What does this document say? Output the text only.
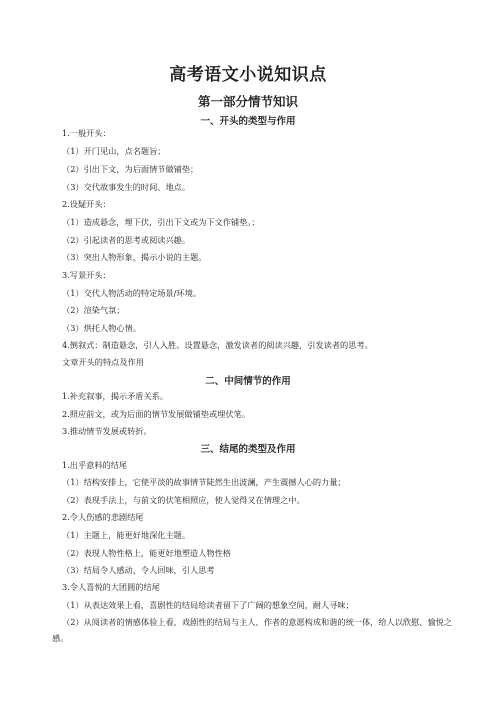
高考语文小说知识点
第一部分情节知识
一、开头的类型与作用
1.一般开头：
（1）开门见山，点名题旨；
（2）引出下文，为后面情节做铺垫；
（3）交代故事发生的时间、地点。
2.设疑开头：
（1）造成悬念，埋下伏，引出下文或为下文作铺垫。；
（2）引起读者的思考或阅读兴趣。
（3）突出人物形象，揭示小说的主题。
3.写景开头：
（1）交代人物活动的特定场景/环境。
（2）渲染气氛；
（3）烘托人物心情。
4.倒叙式：制造悬念，引人入胜。设置悬念，激发读者的阅读兴趣，引发读者的思考。
文章开头的特点及作用
二、中间情节的作用
1.补充叙事，揭示矛盾关系。
2.照应前文，或为后面的情节发展做铺垫或埋伏笔。
3.推动情节发展或转折。
三、结尾的类型及作用
1.出乎意料的结尾
（1）结构安排上，它使平淡的故事情节陡然生出波澜，产生震撼人心的力量；
（2）表现手法上，与前文的伏笔相照应，使人觉得又在情理之中。
2.令人伤感的悲剧结尾
（1）主题上，能更好地深化主题。
（2）表现人物性格上，能更好地塑造人物性格
（3）结局令人感动，令人回味，引人思考
3.令人喜悦的大团圆的结尾
（1）从表达效果上看，喜剧性的结局给读者留下了广阔的想象空间，耐人寻味；
（2）从阅读者的情感体验上看，戏剧性的结局与主人、作者的意愿构成和谐的统一体，给人以欣慰、愉悦之感。
